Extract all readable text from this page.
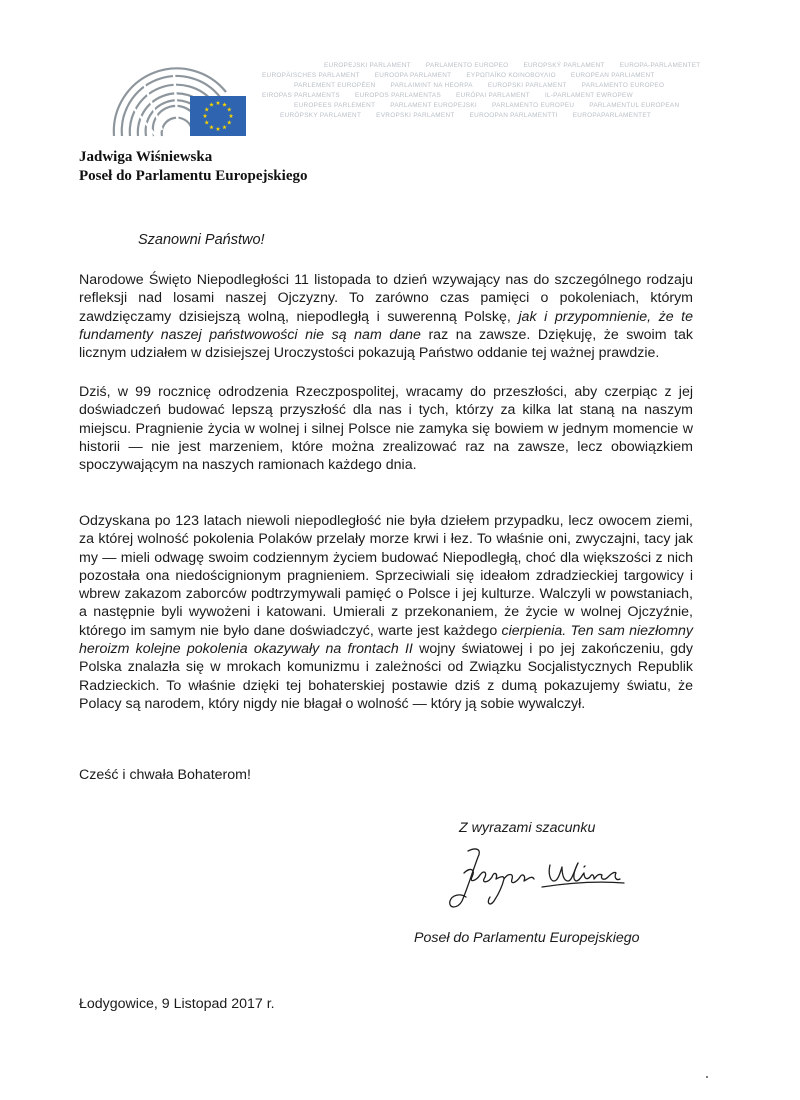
EUROPEJSKI PARLAMENT PARLAMENTO EUROPEO EUROPSKÝ PARLAMENT EUROPA-PARLAMENTET
EUROPÄISCHES PARLAMENT EUROOPA PARLAMENT ΕΥΡΩΠΑΪΚΟ ΚΟΙΝΟΒΟΥΛΙΟ EUROPEAN PARLIAMENT
PARLEMENT EUROPÉEN PARLAIMINT NA HEORPA EUROPSKI PARLAMENT PARLAMENTO EUROPEO
EIROPAS PARLAMENTS EUROPOS PARLAMENTAS EURÓPAI PARLAMENT IL-PARLAMENT EWROPEW
EUROPEES PARLEMENT PARLAMENT EUROPEJSKI PARLAMENTO EUROPEU PARLAMENTUL EUROPEAN
EURÓPSKY PARLAMENT EVROPSKI PARLAMENT EUROOPAN PARLAMENTTI EUROPAPARLAMENTET
Jadwiga Wiśniewska
Poseł do Parlamentu Europejskiego
Szanowni Państwo!
Narodowe Święto Niepodległości 11 listopada to dzień wzywający nas do szczególnego rodzaju refleksji nad losami naszej Ojczyzny. To zarówno czas pamięci o pokoleniach, którym zawdzięczamy dzisiejszą wolną, niepodległą i suwerenną Polskę, jak i przypomnienie, że te fundamenty naszej państwowości nie są nam dane raz na zawsze. Dziękuję, że swoim tak licznym udziałem w dzisiejszej Uroczystości pokazują Państwo oddanie tej ważnej prawdzie.
Dziś, w 99 rocznicę odrodzenia Rzeczpospolitej, wracamy do przeszłości, aby czerpiąc z jej doświadczeń budować lepszą przyszłość dla nas i tych, którzy za kilka lat staną na naszym miejscu. Pragnienie życia w wolnej i silnej Polsce nie zamyka się bowiem w jednym momencie w historii — nie jest marzeniem, które można zrealizować raz na zawsze, lecz obowiązkiem spoczywającym na naszych ramionach każdego dnia.
Odzyskana po 123 latach niewoli niepodległość nie była dziełem przypadku, lecz owocem ziemi, za której wolność pokolenia Polaków przelały morze krwi i łez. To właśnie oni, zwyczajni, tacy jak my — mieli odwagę swoim codziennym życiem budować Niepodległą, choć dla większości z nich pozostała ona niedoścignionym pragnieniem. Sprzeciwiali się ideałom zdradzieckiej targowicy i wbrew zakazom zaborców podtrzymywali pamięć o Polsce i jej kulturze. Walczyli w powstaniach, a następnie byli wywożeni i katowani. Umierali z przekonaniem, że życie w wolnej Ojczyźnie, którego im samym nie było dane doświadczyć, warte jest każdego cierpienia. Ten sam niezłomny heroizm kolejne pokolenia okazywały na frontach II wojny światowej i po jej zakończeniu, gdy Polska znalazła się w mrokach komunizmu i zależności od Związku Socjalistycznych Republik Radzieckich. To właśnie dzięki tej bohaterskiej postawie dziś z dumą pokazujemy światu, że Polacy są narodem, który nigdy nie błagał o wolność — który ją sobie wywalczył.
Cześć i chwała Bohaterom!
Z wyrazami szacunku
Poseł do Parlamentu Europejskiego
Łodygowice, 9 Listopad 2017 r.
